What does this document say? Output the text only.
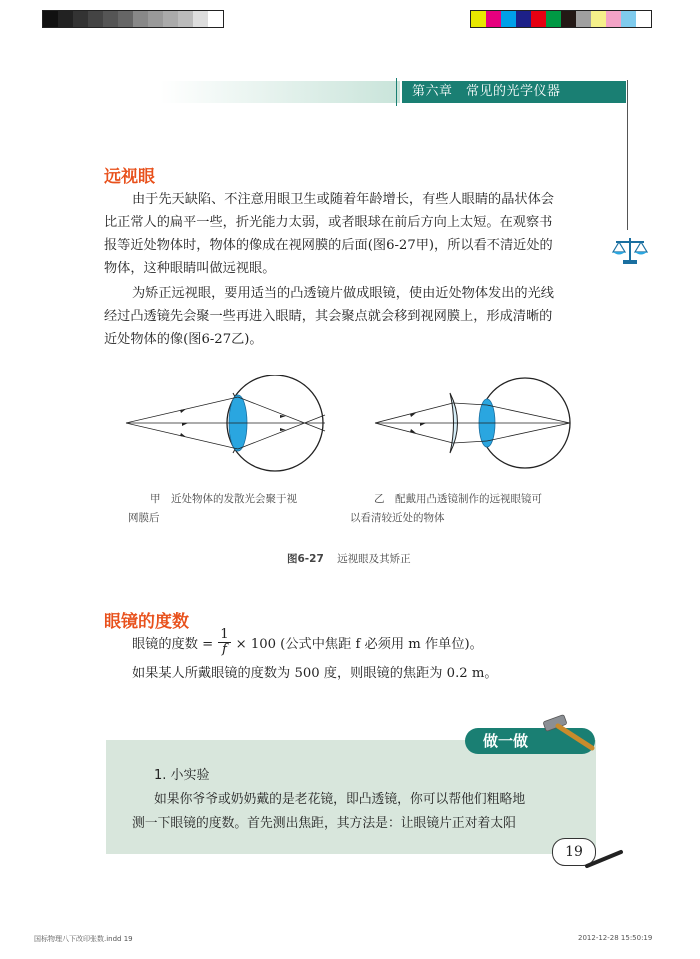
第六章　常见的光学仪器
远视眼

由于先天缺陷、不注意用眼卫生或随着年龄增长，有些人眼睛的晶状体会

比正常人的扁平一些，折光能力太弱，或者眼球在前后方向上太短。在观察书

报等近处物体时，物体的像成在视网膜的后面(图6-27甲)，所以看不清近处的

物体，这种眼睛叫做远视眼。

为矫正远视眼，要用适当的凸透镜片做成眼镜，使由近处物体发出的光线

经过凸透镜先会聚一些再进入眼睛，其会聚点就会移到视网膜上，形成清晰的

近处物体的像(图6-27乙)。

甲　近处物体的发散光会聚于视
网膜后
乙　配戴用凸透镜制作的远视眼镜可
以看清较近处的物体
图6-27 远视眼及其矫正
眼镜的度数
眼镜的度数 = $\frac{1}{f} \times 100$ (公式中焦距 f 必须用 m 作单位)。

如果某人所戴眼镜的度数为 500 度，则眼镜的焦距为 0.2 m。

做一做
1. 小实验

如果你爷爷或奶奶戴的是老花镜，即凸透镜，你可以帮他们粗略地

测一下眼镜的度数。首先测出焦距，其方法是：让眼镜片正对着太阳

19
国标物理八下改印张数.indd 19	2012-12-28 15:50:19
